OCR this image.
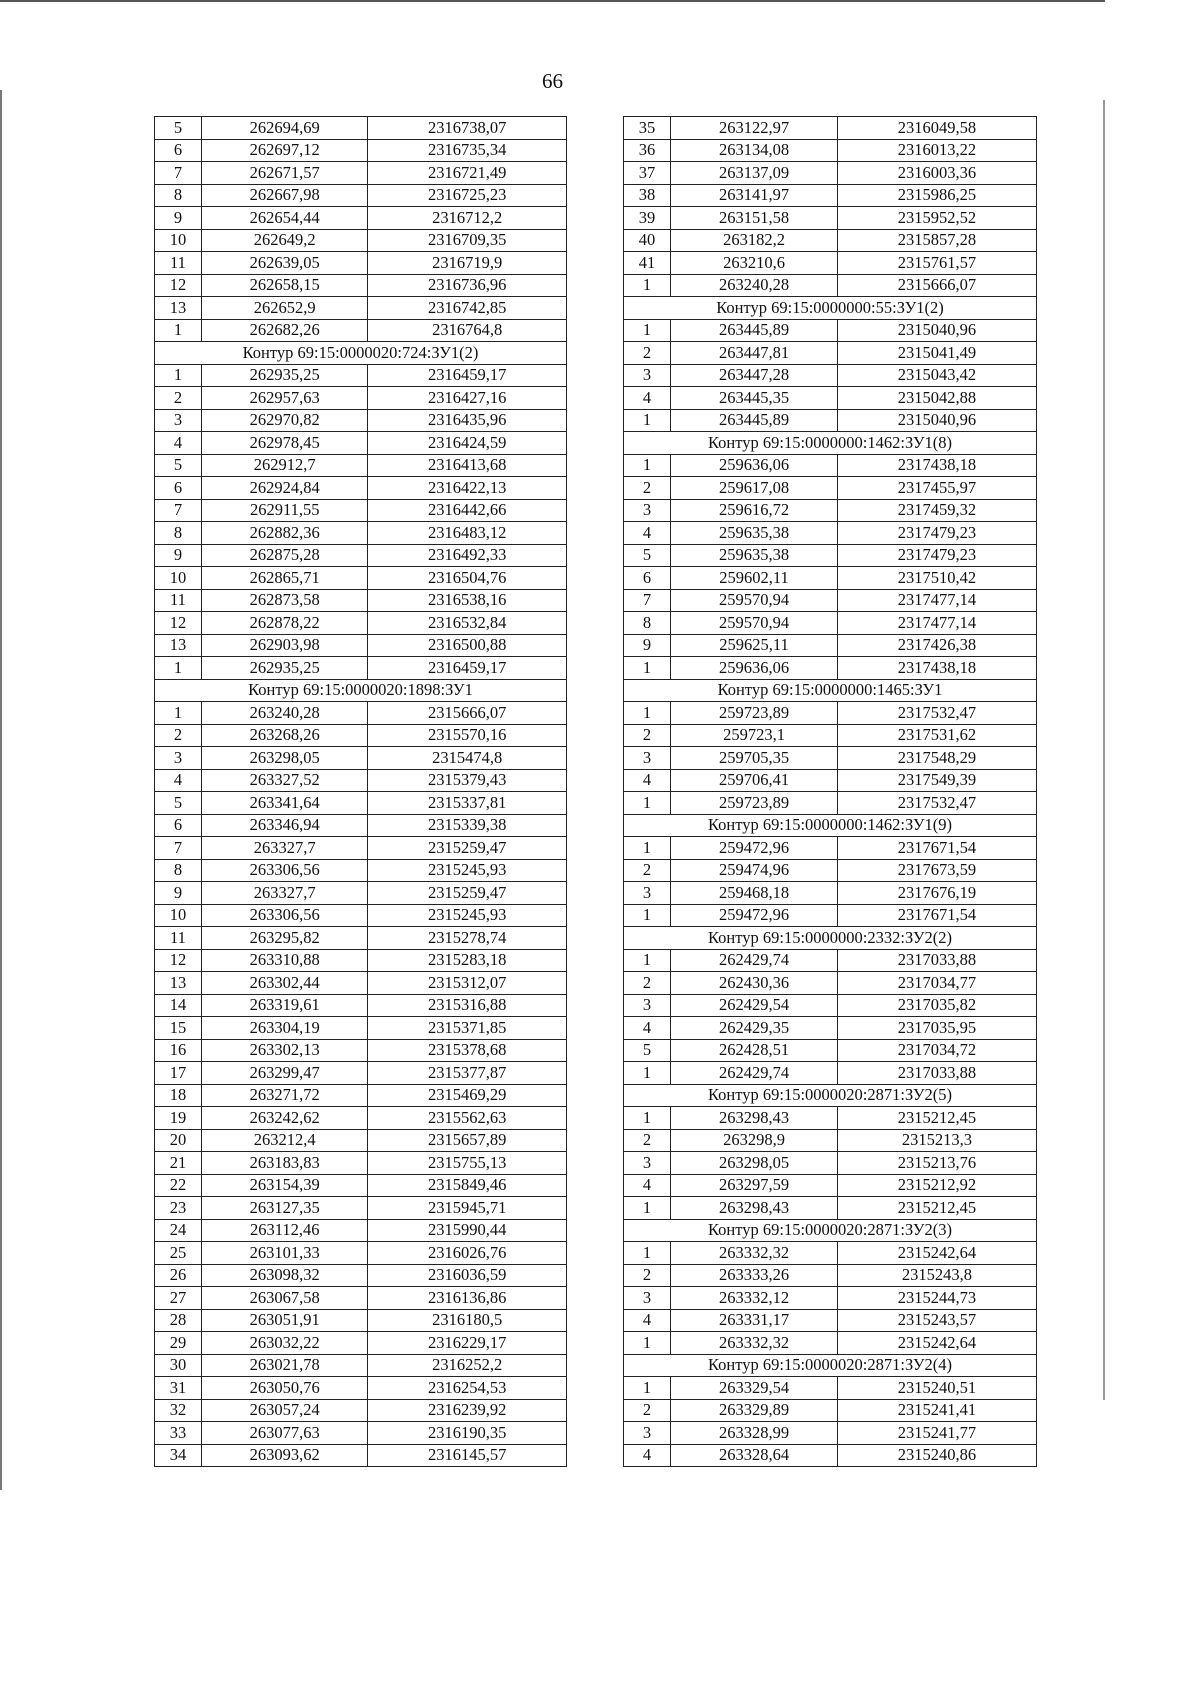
66
5	262694,69	2316738,07
6	262697,12	2316735,34
7	262671,57	2316721,49
8	262667,98	2316725,23
9	262654,44	2316712,2
10	262649,2	2316709,35
11	262639,05	2316719,9
12	262658,15	2316736,96
13	262652,9	2316742,85
1	262682,26	2316764,8
Контур 69:15:0000020:724:ЗУ1(2)		
1	262935,25	2316459,17
2	262957,63	2316427,16
3	262970,82	2316435,96
4	262978,45	2316424,59
5	262912,7	2316413,68
6	262924,84	2316422,13
7	262911,55	2316442,66
8	262882,36	2316483,12
9	262875,28	2316492,33
10	262865,71	2316504,76
11	262873,58	2316538,16
12	262878,22	2316532,84
13	262903,98	2316500,88
1	262935,25	2316459,17
Контур 69:15:0000020:1898:ЗУ1		
1	263240,28	2315666,07
2	263268,26	2315570,16
3	263298,05	2315474,8
4	263327,52	2315379,43
5	263341,64	2315337,81
6	263346,94	2315339,38
7	263327,7	2315259,47
8	263306,56	2315245,93
9	263327,7	2315259,47
10	263306,56	2315245,93
11	263295,82	2315278,74
12	263310,88	2315283,18
13	263302,44	2315312,07
14	263319,61	2315316,88
15	263304,19	2315371,85
16	263302,13	2315378,68
17	263299,47	2315377,87
18	263271,72	2315469,29
19	263242,62	2315562,63
20	263212,4	2315657,89
21	263183,83	2315755,13
22	263154,39	2315849,46
23	263127,35	2315945,71
24	263112,46	2315990,44
25	263101,33	2316026,76
26	263098,32	2316036,59
27	263067,58	2316136,86
28	263051,91	2316180,5
29	263032,22	2316229,17
30	263021,78	2316252,2
31	263050,76	2316254,53
32	263057,24	2316239,92
33	263077,63	2316190,35
34	263093,62	2316145,57
35	263122,97	2316049,58
36	263134,08	2316013,22
37	263137,09	2316003,36
38	263141,97	2315986,25
39	263151,58	2315952,52
40	263182,2	2315857,28
41	263210,6	2315761,57
1	263240,28	2315666,07
Контур 69:15:0000000:55:ЗУ1(2)		
1	263445,89	2315040,96
2	263447,81	2315041,49
3	263447,28	2315043,42
4	263445,35	2315042,88
1	263445,89	2315040,96
Контур 69:15:0000000:1462:ЗУ1(8)		
1	259636,06	2317438,18
2	259617,08	2317455,97
3	259616,72	2317459,32
4	259635,38	2317479,23
5	259635,38	2317479,23
6	259602,11	2317510,42
7	259570,94	2317477,14
8	259570,94	2317477,14
9	259625,11	2317426,38
1	259636,06	2317438,18
Контур 69:15:0000000:1465:ЗУ1		
1	259723,89	2317532,47
2	259723,1	2317531,62
3	259705,35	2317548,29
4	259706,41	2317549,39
1	259723,89	2317532,47
Контур 69:15:0000000:1462:ЗУ1(9)		
1	259472,96	2317671,54
2	259474,96	2317673,59
3	259468,18	2317676,19
1	259472,96	2317671,54
Контур 69:15:0000000:2332:ЗУ2(2)		
1	262429,74	2317033,88
2	262430,36	2317034,77
3	262429,54	2317035,82
4	262429,35	2317035,95
5	262428,51	2317034,72
1	262429,74	2317033,88
Контур 69:15:0000020:2871:ЗУ2(5)		
1	263298,43	2315212,45
2	263298,9	2315213,3
3	263298,05	2315213,76
4	263297,59	2315212,92
1	263298,43	2315212,45
Контур 69:15:0000020:2871:ЗУ2(3)		
1	263332,32	2315242,64
2	263333,26	2315243,8
3	263332,12	2315244,73
4	263331,17	2315243,57
1	263332,32	2315242,64
Контур 69:15:0000020:2871:ЗУ2(4)		
1	263329,54	2315240,51
2	263329,89	2315241,41
3	263328,99	2315241,77
4	263328,64	2315240,86
